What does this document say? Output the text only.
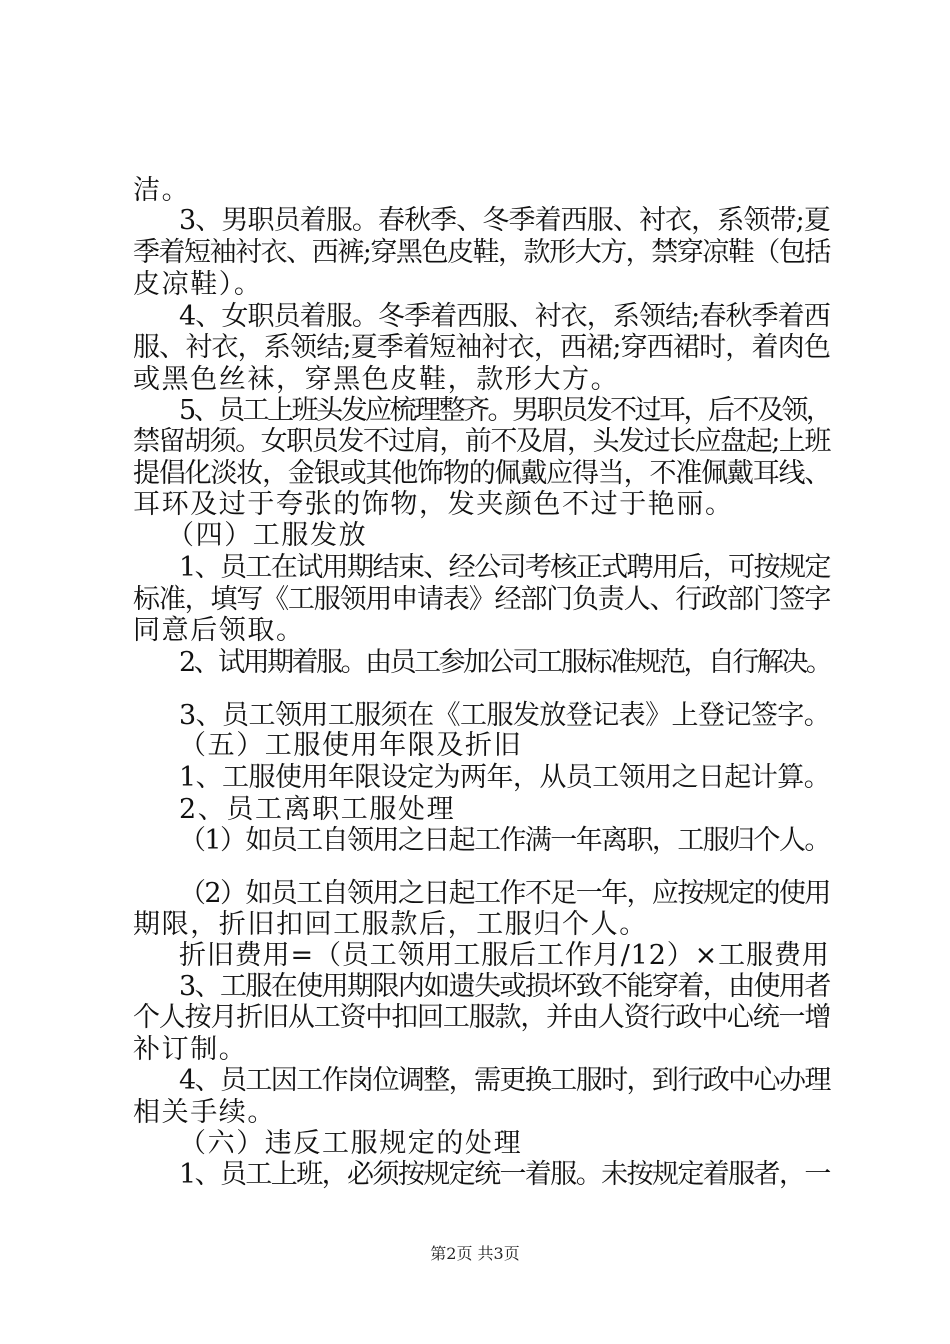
洁。
3、男职员着服。春秋季、冬季着西服、衬衣，系领带;夏
季着短袖衬衣、西裤;穿黑色皮鞋，款形大方，禁穿凉鞋（包括
皮凉鞋）。
4、女职员着服。冬季着西服、衬衣，系领结;春秋季着西
服、衬衣，系领结;夏季着短袖衬衣，西裙;穿西裙时，着肉色
或黑色丝袜，穿黑色皮鞋，款形大方。
5、员工上班头发应梳理整齐。男职员发不过耳，后不及领，
禁留胡须。女职员发不过肩，前不及眉，头发过长应盘起;上班
提倡化淡妆，金银或其他饰物的佩戴应得当，不准佩戴耳线、
耳环及过于夸张的饰物，发夹颜色不过于艳丽。
（四）工服发放
1、员工在试用期结束、经公司考核正式聘用后，可按规定
标准，填写《工服领用申请表》经部门负责人、行政部门签字
同意后领取。
2、试用期着服。由员工参加公司工服标准规范，自行解决。
3、员工领用工服须在《工服发放登记表》上登记签字。
（五）工服使用年限及折旧
1、工服使用年限设定为两年，从员工领用之日起计算。
2、员工离职工服处理
（1）如员工自领用之日起工作满一年离职，工服归个人。
（2）如员工自领用之日起工作不足一年，应按规定的使用
期限，折旧扣回工服款后，工服归个人。
折旧费用=（员工领用工服后工作月/12）×工服费用
3、工服在使用期限内如遗失或损坏致不能穿着，由使用者
个人按月折旧从工资中扣回工服款，并由人资行政中心统一增
补订制。
4、员工因工作岗位调整，需更换工服时，到行政中心办理
相关手续。
（六）违反工服规定的处理
1、员工上班，必须按规定统一着服。未按规定着服者，一
第2页 共3页
